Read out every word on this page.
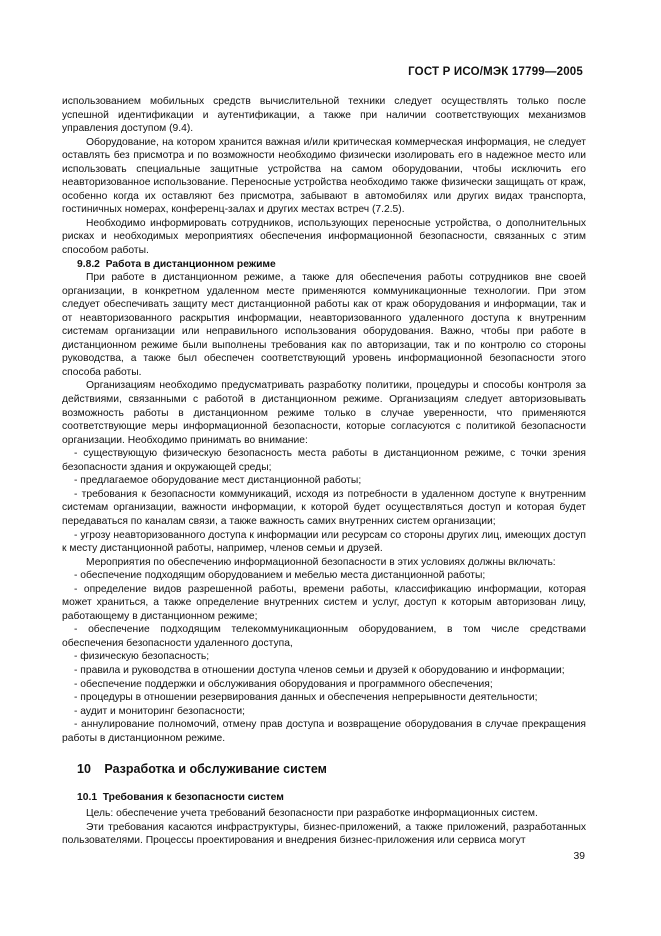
ГОСТ Р ИСО/МЭК 17799—2005

использованием мобильных средств вычислительной техники следует осуществлять только после успешной идентификации и аутентификации, а также при наличии соответствующих механизмов управления доступом (9.4).

Оборудование, на котором хранится важная и/или критическая коммерческая информация, не следует оставлять без присмотра и по возможности необходимо физически изолировать его в надежное место или использовать специальные защитные устройства на самом оборудовании, чтобы исключить его неавторизованное использование. Переносные устройства необходимо также физически защищать от краж, особенно когда их оставляют без присмотра, забывают в автомобилях или других видах транспорта, гостиничных номерах, конференц-залах и других местах встреч (7.2.5).

Необходимо информировать сотрудников, использующих переносные устройства, о дополнительных рисках и необходимых мероприятиях обеспечения информационной безопасности, связанных с этим способом работы.

9.8.2 Работа в дистанционном режиме

При работе в дистанционном режиме, а также для обеспечения работы сотрудников вне своей организации, в конкретном удаленном месте применяются коммуникационные технологии. При этом следует обеспечивать защиту мест дистанционной работы как от краж оборудования и информации, так и от неавторизованного раскрытия информации, неавторизованного удаленного доступа к внутренним системам организации или неправильного использования оборудования. Важно, чтобы при работе в дистанционном режиме были выполнены требования как по авторизации, так и по контролю со стороны руководства, а также был обеспечен соответствующий уровень информационной безопасности этого способа работы.

Организациям необходимо предусматривать разработку политики, процедуры и способы контроля за действиями, связанными с работой в дистанционном режиме. Организациям следует авторизовывать возможность работы в дистанционном режиме только в случае уверенности, что применяются соответствующие меры информационной безопасности, которые согласуются с политикой безопасности организации. Необходимо принимать во внимание:

- существующую физическую безопасность места работы в дистанционном режиме, с точки зрения безопасности здания и окружающей среды;

- предлагаемое оборудование мест дистанционной работы;

- требования к безопасности коммуникаций, исходя из потребности в удаленном доступе к внутренним системам организации, важности информации, к которой будет осуществляться доступ и которая будет передаваться по каналам связи, а также важность самих внутренних систем организации;

- угрозу неавторизованного доступа к информации или ресурсам со стороны других лиц, имеющих доступ к месту дистанционной работы, например, членов семьи и друзей.

Мероприятия по обеспечению информационной безопасности в этих условиях должны включать:

- обеспечение подходящим оборудованием и мебелью места дистанционной работы;

- определение видов разрешенной работы, времени работы, классификацию информации, которая может храниться, а также определение внутренних систем и услуг, доступ к которым авторизован лицу, работающему в дистанционном режиме;

- обеспечение подходящим телекоммуникационным оборудованием, в том числе средствами обеспечения безопасности удаленного доступа,

- физическую безопасность;

- правила и руководства в отношении доступа членов семьи и друзей к оборудованию и информации;

- обеспечение поддержки и обслуживания оборудования и программного обеспечения;

- процедуры в отношении резервирования данных и обеспечения непрерывности деятельности;

- аудит и мониторинг безопасности;

- аннулирование полномочий, отмену прав доступа и возвращение оборудования в случае прекращения работы в дистанционном режиме.

10 Разработка и обслуживание систем

10.1 Требования к безопасности систем

Цель: обеспечение учета требований безопасности при разработке информационных систем.

Эти требования касаются инфраструктуры, бизнес-приложений, а также приложений, разработанных пользователями. Процессы проектирования и внедрения бизнес-приложения или сервиса могут

39
